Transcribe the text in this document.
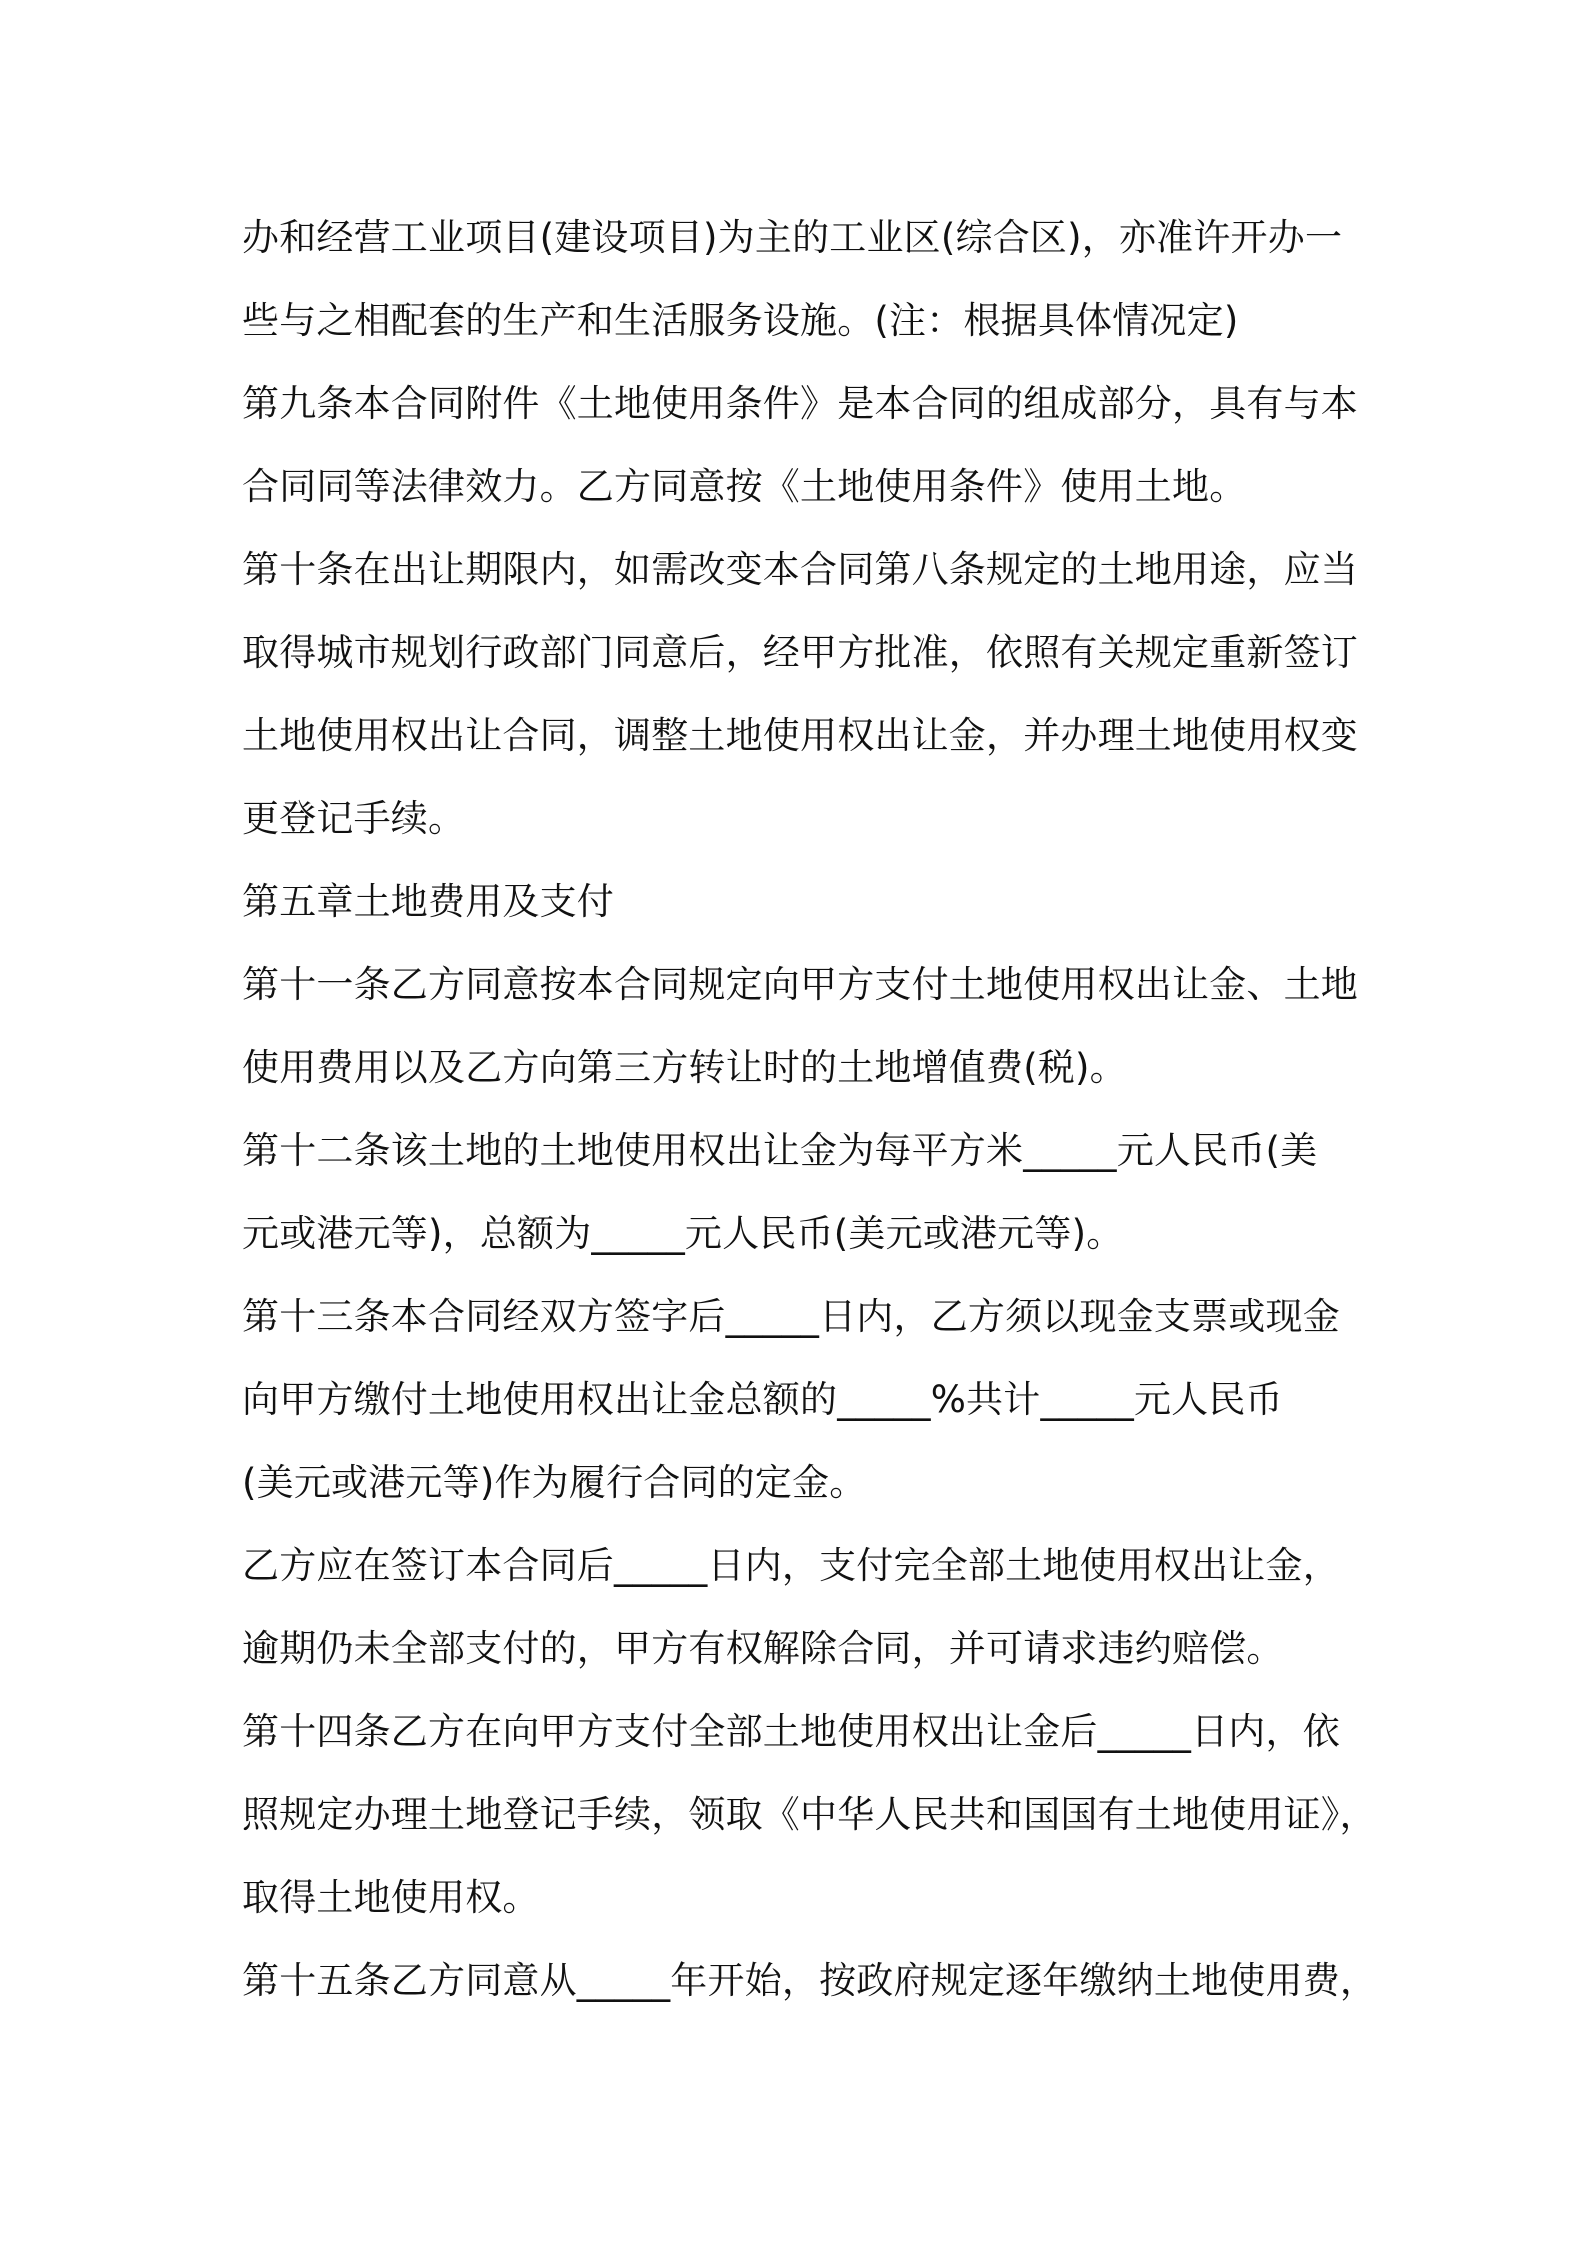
办和经营工业项目(建设项目)为主的工业区(综合区)，亦准许开办一
些与之相配套的生产和生活服务设施。(注：根据具体情况定)
第九条本合同附件《土地使用条件》是本合同的组成部分，具有与本
合同同等法律效力。乙方同意按《土地使用条件》使用土地。
第十条在出让期限内，如需改变本合同第八条规定的土地用途，应当
取得城市规划行政部门同意后，经甲方批准，依照有关规定重新签订
土地使用权出让合同，调整土地使用权出让金，并办理土地使用权变
更登记手续。
第五章土地费用及支付
第十一条乙方同意按本合同规定向甲方支付土地使用权出让金、土地
使用费用以及乙方向第三方转让时的土地增值费(税)。
第十二条该土地的土地使用权出让金为每平方米_____元人民币(美
元或港元等)，总额为_____元人民币(美元或港元等)。
第十三条本合同经双方签字后_____日内，乙方须以现金支票或现金
向甲方缴付土地使用权出让金总额的_____%共计_____元人民币
(美元或港元等)作为履行合同的定金。
乙方应在签订本合同后_____日内，支付完全部土地使用权出让金，
逾期仍未全部支付的，甲方有权解除合同，并可请求违约赔偿。
第十四条乙方在向甲方支付全部土地使用权出让金后_____日内，依
照规定办理土地登记手续，领取《中华人民共和国国有土地使用证》，
取得土地使用权。
第十五条乙方同意从_____年开始，按政府规定逐年缴纳土地使用费，
